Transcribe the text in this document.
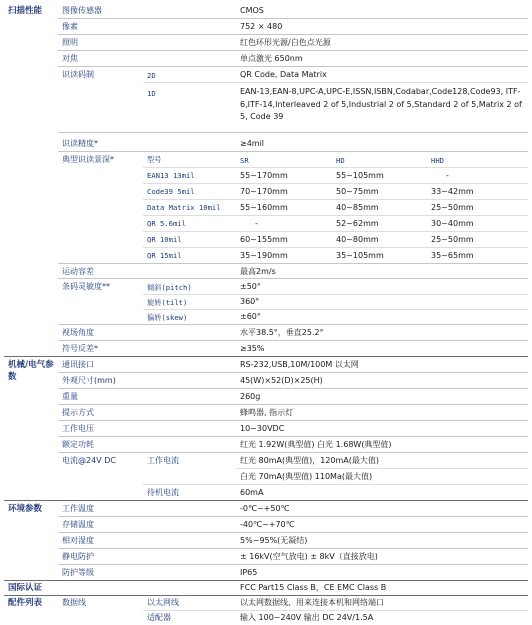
扫描性能 图像传感器	CMOS
像素	752 × 480
照明	红色环形光源/白色点光源
对焦	单点激光 650nm
识读码制	2D	QR Code, Data Matrix
1D	EAN-13,EAN-8,UPC-A,UPC-E,ISSN,ISBN,Codabar,Code128,Code93, ITF-6,ITF-14,Interleaved 2 of 5,Industrial 2 of 5,Standard 2 of 5,Matrix 2 of 5, Code 39
识读精度*	≥4mil
典型识读景深*	型号	SR	HD	HHD
EAN13 13mil	55~170mm	55~105mm	-
Code39 5mil	70~170mm	50~75mm	33~42mm
Data Matrix 10mil 55~160mm	40~85mm	25~50mm
QR 5.6mil	-	52~62mm	30~40mm
QR 10mil	60~155mm	40~80mm	25~50mm
QR 15mil	35~190mm	35~105mm	35~65mm
运动容差	最高2m/s
条码灵敏度**	倾斜(pitch)	±50°
旋转(tilt)	360°
偏转(skew)	±60°
视场角度	水平38.5°，垂直25.2°
符号反差*	≥35%
机械/电气参数
通讯接口	RS-232,USB,10M/100M 以太网
外观尺寸(mm)	45(W)×52(D)×25(H)
重量	260g
提示方式	蜂鸣器, 指示灯
工作电压	10~30VDC
额定功耗	红光 1.92W(典型值) 白光 1.68W(典型值)
电流@24V DC	工作电流	红光 80mA(典型值)，120mA(最大值)
白光 70mA(典型值) 110Ma(最大值)
待机电流	60mA
环境参数 工作温度	-0℃~+50℃
存储温度	-40℃~+70℃
相对湿度	5%~95%(无凝结)
静电防护	± 16kV(空气放电) ± 8kV（直接放电)
防护等级	IP65
国际认证	FCC Part15 Class B，CE EMC Class B
配件列表 数据线	以太网线	以太网数据线，用来连接本机和网络端口
适配器	输入 100~240V 输出 DC 24V/1.5A
